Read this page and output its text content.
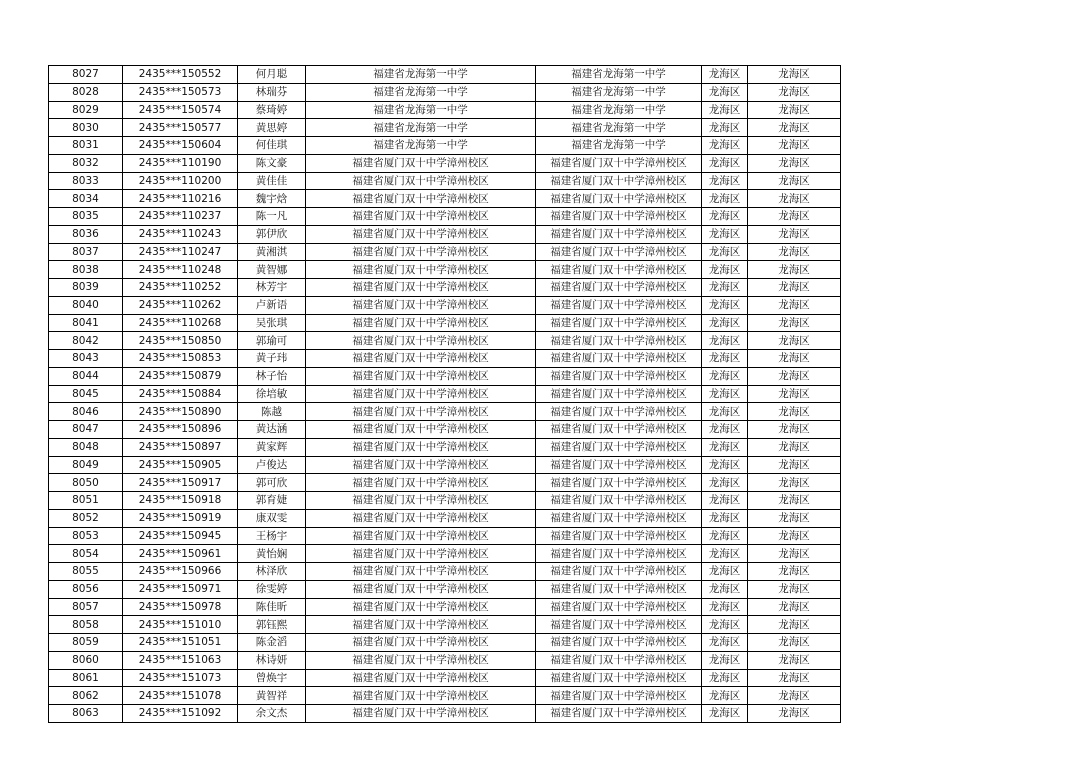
8027	2435***150552	何月聪	福建省龙海第一中学	福建省龙海第一中学	龙海区	龙海区
8028	2435***150573	林瑞芬	福建省龙海第一中学	福建省龙海第一中学	龙海区	龙海区
8029	2435***150574	蔡琦婷	福建省龙海第一中学	福建省龙海第一中学	龙海区	龙海区
8030	2435***150577	黄思婷	福建省龙海第一中学	福建省龙海第一中学	龙海区	龙海区
8031	2435***150604	何佳琪	福建省龙海第一中学	福建省龙海第一中学	龙海区	龙海区
8032	2435***110190	陈文豪	福建省厦门双十中学漳州校区	福建省厦门双十中学漳州校区	龙海区	龙海区
8033	2435***110200	黄佳佳	福建省厦门双十中学漳州校区	福建省厦门双十中学漳州校区	龙海区	龙海区
8034	2435***110216	魏宇焓	福建省厦门双十中学漳州校区	福建省厦门双十中学漳州校区	龙海区	龙海区
8035	2435***110237	陈一凡	福建省厦门双十中学漳州校区	福建省厦门双十中学漳州校区	龙海区	龙海区
8036	2435***110243	郭伊欣	福建省厦门双十中学漳州校区	福建省厦门双十中学漳州校区	龙海区	龙海区
8037	2435***110247	黄湘淇	福建省厦门双十中学漳州校区	福建省厦门双十中学漳州校区	龙海区	龙海区
8038	2435***110248	黄智娜	福建省厦门双十中学漳州校区	福建省厦门双十中学漳州校区	龙海区	龙海区
8039	2435***110252	林芳宇	福建省厦门双十中学漳州校区	福建省厦门双十中学漳州校区	龙海区	龙海区
8040	2435***110262	卢新语	福建省厦门双十中学漳州校区	福建省厦门双十中学漳州校区	龙海区	龙海区
8041	2435***110268	吴张琪	福建省厦门双十中学漳州校区	福建省厦门双十中学漳州校区	龙海区	龙海区
8042	2435***150850	郭瑜可	福建省厦门双十中学漳州校区	福建省厦门双十中学漳州校区	龙海区	龙海区
8043	2435***150853	黄子玮	福建省厦门双十中学漳州校区	福建省厦门双十中学漳州校区	龙海区	龙海区
8044	2435***150879	林子怡	福建省厦门双十中学漳州校区	福建省厦门双十中学漳州校区	龙海区	龙海区
8045	2435***150884	徐培敏	福建省厦门双十中学漳州校区	福建省厦门双十中学漳州校区	龙海区	龙海区
8046	2435***150890	陈越	福建省厦门双十中学漳州校区	福建省厦门双十中学漳州校区	龙海区	龙海区
8047	2435***150896	黄达涵	福建省厦门双十中学漳州校区	福建省厦门双十中学漳州校区	龙海区	龙海区
8048	2435***150897	黄家辉	福建省厦门双十中学漳州校区	福建省厦门双十中学漳州校区	龙海区	龙海区
8049	2435***150905	卢俊达	福建省厦门双十中学漳州校区	福建省厦门双十中学漳州校区	龙海区	龙海区
8050	2435***150917	郭可欣	福建省厦门双十中学漳州校区	福建省厦门双十中学漳州校区	龙海区	龙海区
8051	2435***150918	郭育婕	福建省厦门双十中学漳州校区	福建省厦门双十中学漳州校区	龙海区	龙海区
8052	2435***150919	康双雯	福建省厦门双十中学漳州校区	福建省厦门双十中学漳州校区	龙海区	龙海区
8053	2435***150945	王杨宇	福建省厦门双十中学漳州校区	福建省厦门双十中学漳州校区	龙海区	龙海区
8054	2435***150961	黄怡娴	福建省厦门双十中学漳州校区	福建省厦门双十中学漳州校区	龙海区	龙海区
8055	2435***150966	林泽欣	福建省厦门双十中学漳州校区	福建省厦门双十中学漳州校区	龙海区	龙海区
8056	2435***150971	徐雯婷	福建省厦门双十中学漳州校区	福建省厦门双十中学漳州校区	龙海区	龙海区
8057	2435***150978	陈佳昕	福建省厦门双十中学漳州校区	福建省厦门双十中学漳州校区	龙海区	龙海区
8058	2435***151010	郭钰熙	福建省厦门双十中学漳州校区	福建省厦门双十中学漳州校区	龙海区	龙海区
8059	2435***151051	陈金滔	福建省厦门双十中学漳州校区	福建省厦门双十中学漳州校区	龙海区	龙海区
8060	2435***151063	林诗妍	福建省厦门双十中学漳州校区	福建省厦门双十中学漳州校区	龙海区	龙海区
8061	2435***151073	曾焕宇	福建省厦门双十中学漳州校区	福建省厦门双十中学漳州校区	龙海区	龙海区
8062	2435***151078	黄智祥	福建省厦门双十中学漳州校区	福建省厦门双十中学漳州校区	龙海区	龙海区
8063	2435***151092	余文杰	福建省厦门双十中学漳州校区	福建省厦门双十中学漳州校区	龙海区	龙海区
